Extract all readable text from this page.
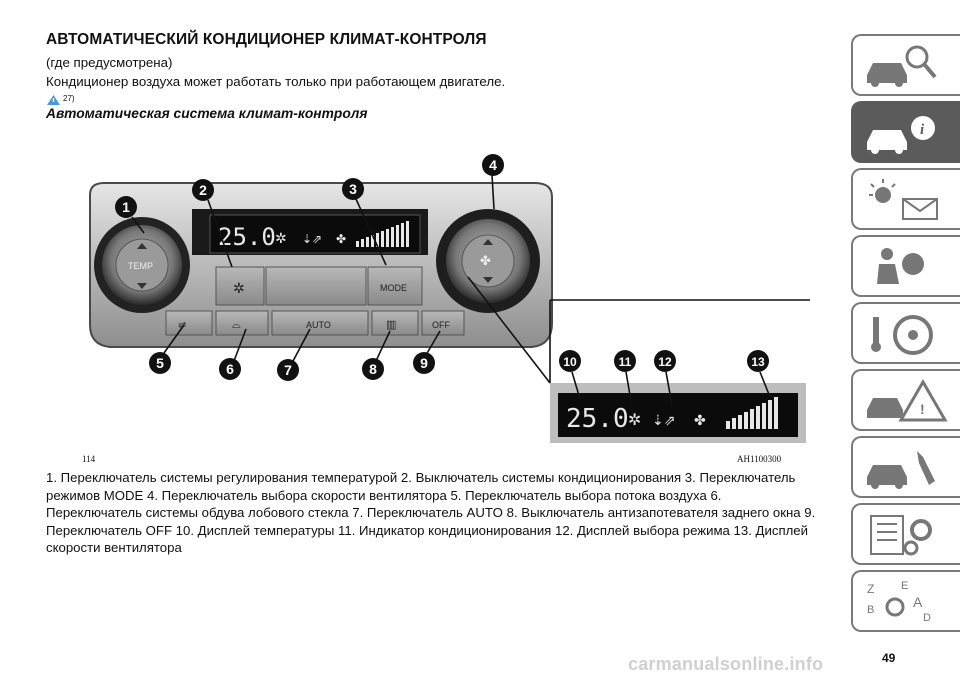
АВТОМАТИЧЕСКИЙ КОНДИЦИОНЕР КЛИМАТ-КОНТРОЛЯ
(где предусмотрена)
Кондиционер воздуха может работать только при работающем двигателе.
27)
Автоматическая система климат-контроля
25.0 ✲ ⇣⇗ ✤
TEMP	✤
✲	MODE
⇌	⌓	AUTO	▥	OFF
25.0 ✲ ⇣⇗ ✤
1
2	3
4
5	6	7	8	9	10	11 12	13
114	AH1100300
1. Переключатель системы регулирования температурой 2. Выключатель системы кондиционирования 3. Переключатель режимов MODE 4. Переключатель выбора скорости вентилятора 5. Переключатель выбора потока воздуха 6. Переключатель системы обдува лобового стекла 7. Переключатель AUTO 8. Выключатель антизапотевателя заднего окна 9. Переключатель OFF 10. Дисплей температуры 11. Индикатор кондиционирования 12. Дисплей выбора режима 13. Дисплей скорости вентилятора
i
!
Z E
B	A
D
49
carmanualsonline.info
